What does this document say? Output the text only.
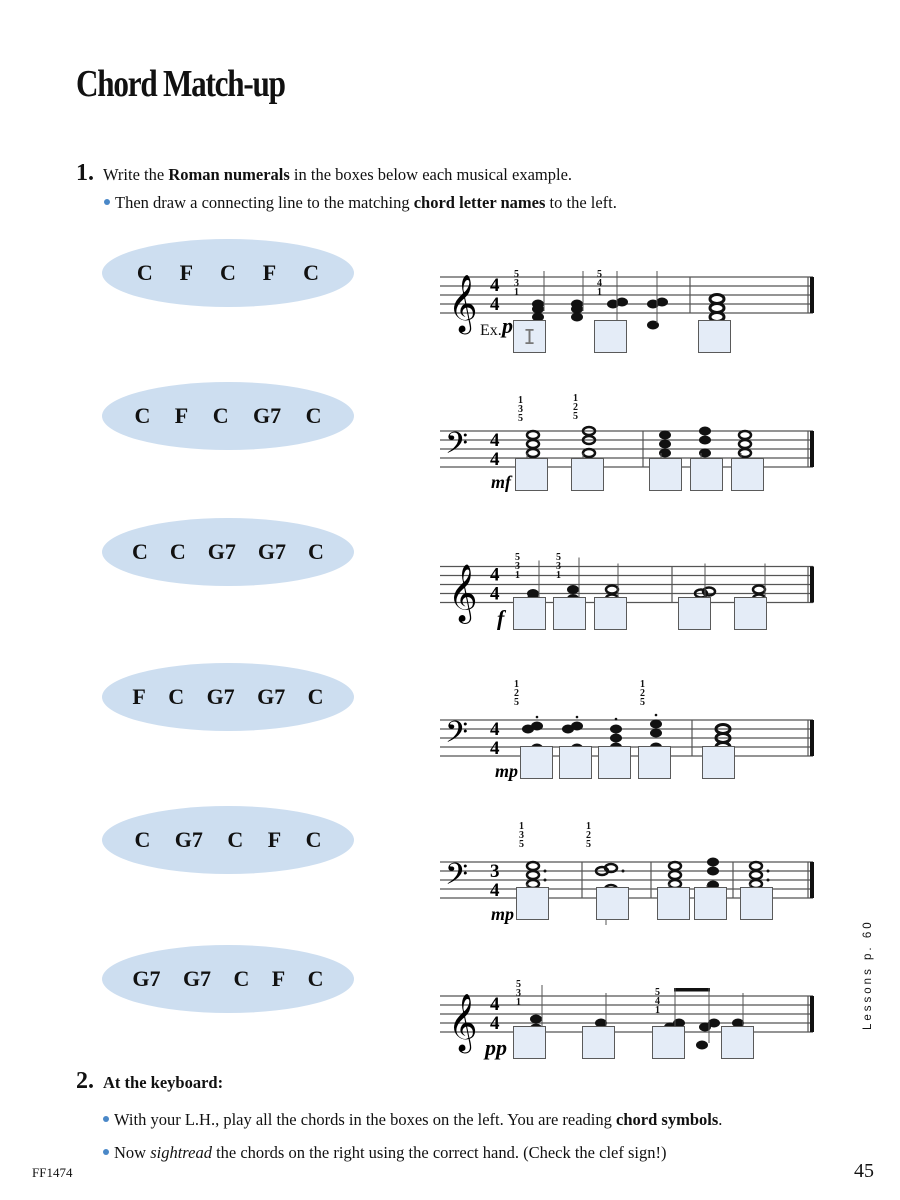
Chord Match-up
1. Write the Roman numerals in the boxes below each musical example.
Then draw a connecting line to the matching chord letter names to the left.
C F C F C
C F C G7 C
C C G7 G7 C
F C G7 G7 C
C G7 C F C
G7 G7 C F C
𝄞 4
4
p
𝄢 4
4
mf
𝄞 4
4
f
𝄢 4
4
mp
𝄢 3
4
mp
𝄞 4
4
pp
Ex.	I
5
3
1
5
4
1
1
3
5
1
2
5
5
3
1
5
3
1
1
2
5
1
2
5
1
3
5
1
2
5
5
3
1
5
4
1	Lessons p. 60
2. At the keyboard:
With your L.H., play all the chords in the boxes on the left. You are reading chord symbols.
Now sightread the chords on the right using the correct hand. (Check the clef sign!)
FF1474	45
